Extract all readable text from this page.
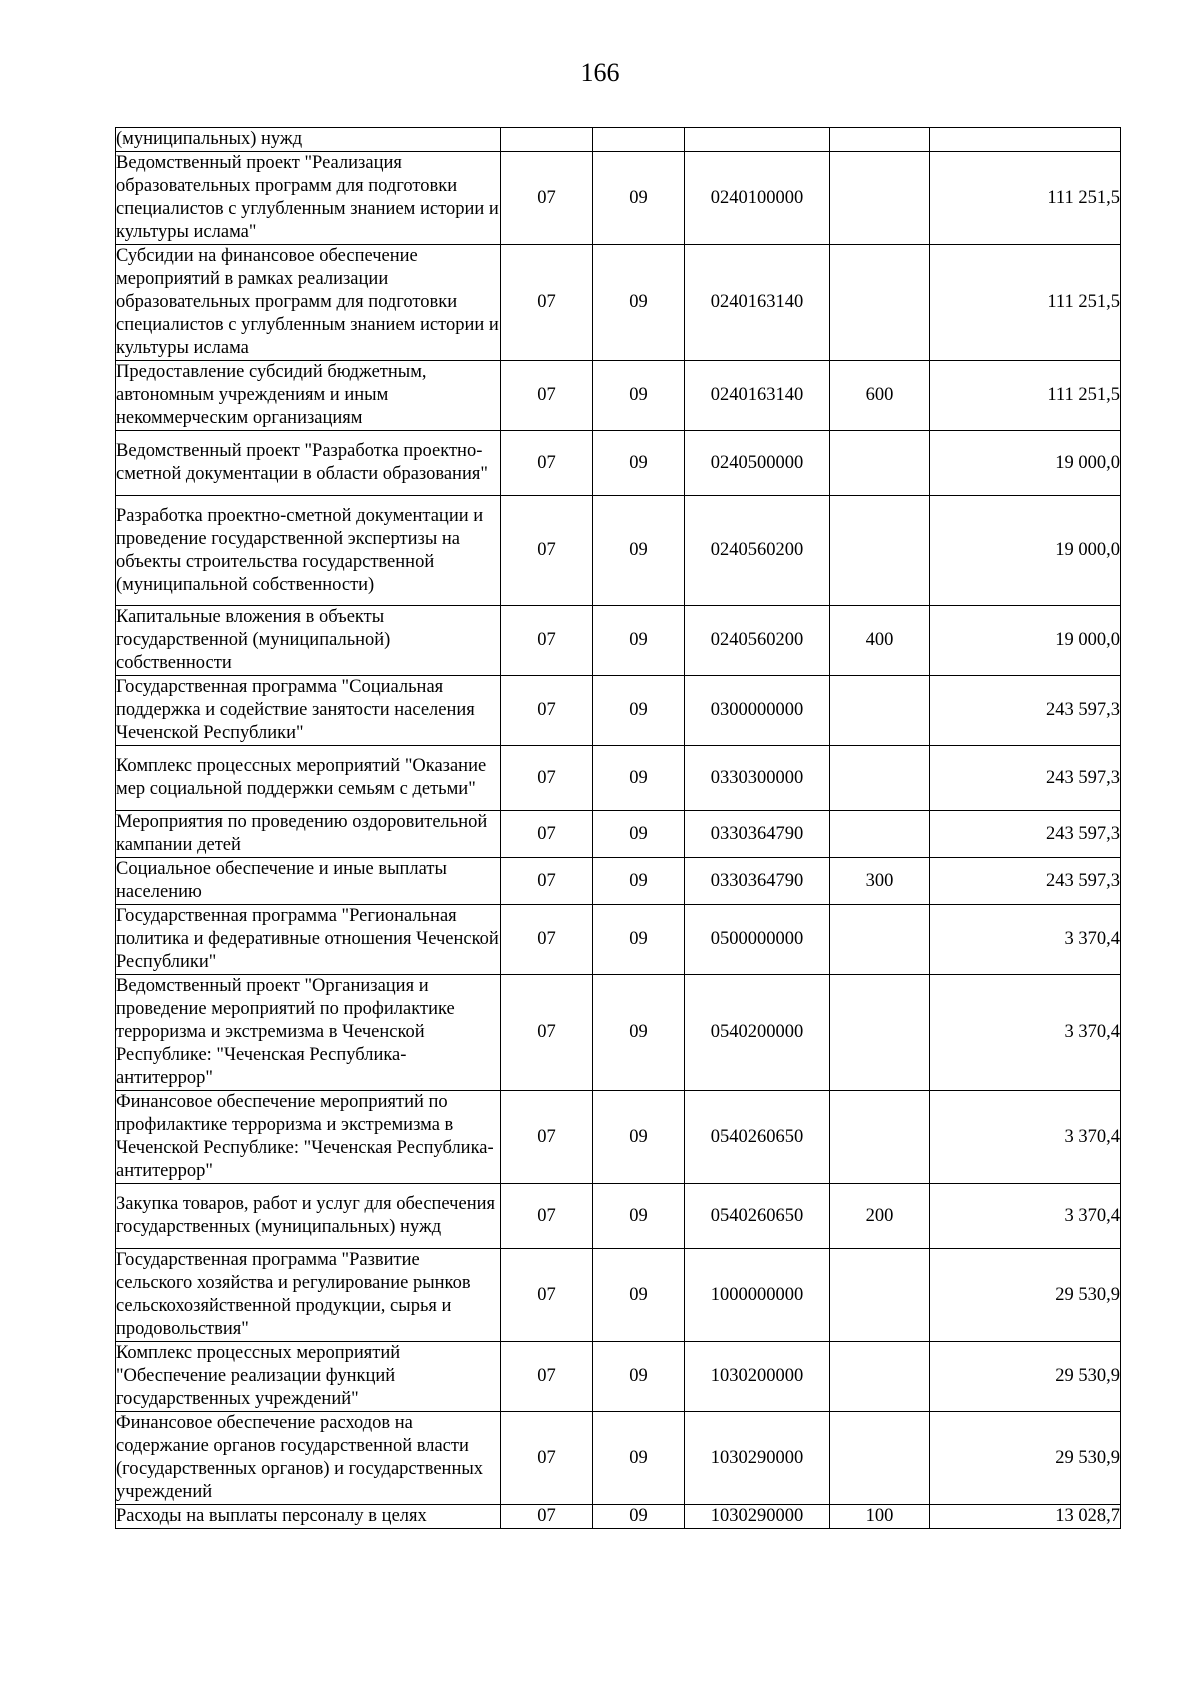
166
(муниципальных) нужд					
Ведомственный проект "Реализация образовательных программ для подготовки специалистов с углубленным знанием истории и культуры ислама"	07	09	0240100000		111 251,5
Субсидии на финансовое обеспечение мероприятий в рамках реализации образовательных программ для подготовки специалистов с углубленным знанием истории и культуры ислама	07	09	0240163140		111 251,5
Предоставление субсидий бюджетным, автономным учреждениям и иным некоммерческим организациям	07	09	0240163140	600	111 251,5
Ведомственный проект "Разработка проектно-сметной документации в области образования"	07	09	0240500000		19 000,0
Разработка проектно-сметной документации и проведение государственной экспертизы на объекты строительства государственной (муниципальной собственности)	07	09	0240560200		19 000,0
Капитальные вложения в объекты государственной (муниципальной) собственности	07	09	0240560200	400	19 000,0
Государственная программа "Социальная поддержка и содействие занятости населения Чеченской Республики"	07	09	0300000000		243 597,3
Комплекс процессных мероприятий "Оказание мер социальной поддержки семьям с детьми"	07	09	0330300000		243 597,3
Мероприятия по проведению оздоровительной кампании детей	07	09	0330364790		243 597,3
Социальное обеспечение и иные выплаты населению	07	09	0330364790	300	243 597,3
Государственная программа "Региональная политика и федеративные отношения Чеченской Республики"	07	09	0500000000		3 370,4
Ведомственный проект "Организация и проведение мероприятий по профилактике терроризма и экстремизма в Чеченской Республике: "Чеченская Республика-антитеррор"	07	09	0540200000		3 370,4
Финансовое обеспечение мероприятий по профилактике терроризма и экстремизма в Чеченской Республике: "Чеченская Республика-антитеррор"	07	09	0540260650		3 370,4
Закупка товаров, работ и услуг для обеспечения государственных (муниципальных) нужд	07	09	0540260650	200	3 370,4
Государственная программа "Развитие сельского хозяйства и регулирование рынков сельскохозяйственной продукции, сырья и продовольствия"	07	09	1000000000		29 530,9
Комплекс процессных мероприятий "Обеспечение реализации функций государственных учреждений"	07	09	1030200000		29 530,9
Финансовое обеспечение расходов на содержание органов государственной власти (государственных органов) и государственных учреждений	07	09	1030290000		29 530,9
Расходы на выплаты персоналу в целях	07	09	1030290000	100	13 028,7
